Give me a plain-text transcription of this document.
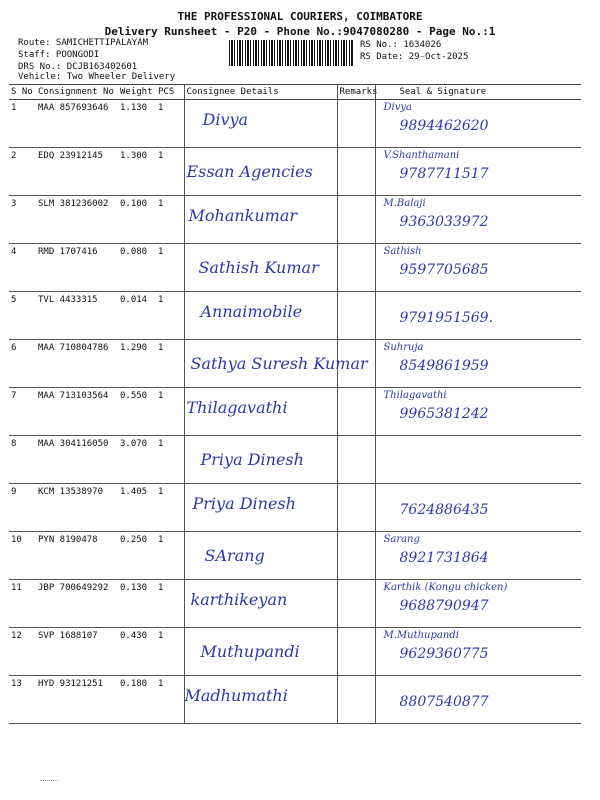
THE PROFESSIONAL COURIERS, COIMBATORE
Delivery Runsheet - P20 - Phone No.:9047080280 - Page No.:1
Route: SAMICHETTIPALAYAM
Staff: POONGODI
DRS No.: DCJB163402601
Vehicle: Two Wheeler Delivery
RS No.: 1634026
RS Date: 29-Oct-2025
S No	Consignment No	Weight	PCS	Consignee Details	Remarks	Seal & Signature
1	MAA 857693646	1.130	1	Divya		Divya
9894462620

2	EDQ 23912145	1.300	1	Essan Agencies		V.Shanthamani
9787711517

3	SLM 381236002	0.100	1	Mohankumar		M.Balaji
9363033972

4	RMD 1707416	0.080	1	Sathish Kumar		Sathish
9597705685

5	TVL 4433315	0.014	1	Annaimobile		9791951569.

6	MAA 710804786	1.290	1	Sathya Suresh Kumar		Suhruja
8549861959

7	MAA 713103564	0.550	1	Thilagavathi		Thilagavathi
9965381242

8	MAA 304116050	3.070	1	Priya Dinesh		

9	KCM 13538970	1.405	1	Priya Dinesh		7624886435

10	PYN 8190478	0.250	1	SArang		Sarang
8921731864

11	JBP 700649292	0.130	1	karthikeyan		Karthik (Kongu chicken)
9688790947

12	SVP 1688107	0.430	1	Muthupandi		M.Muthupandi
9629360775

13	HYD 93121251	0.180	1	Madhumathi		8807540877
